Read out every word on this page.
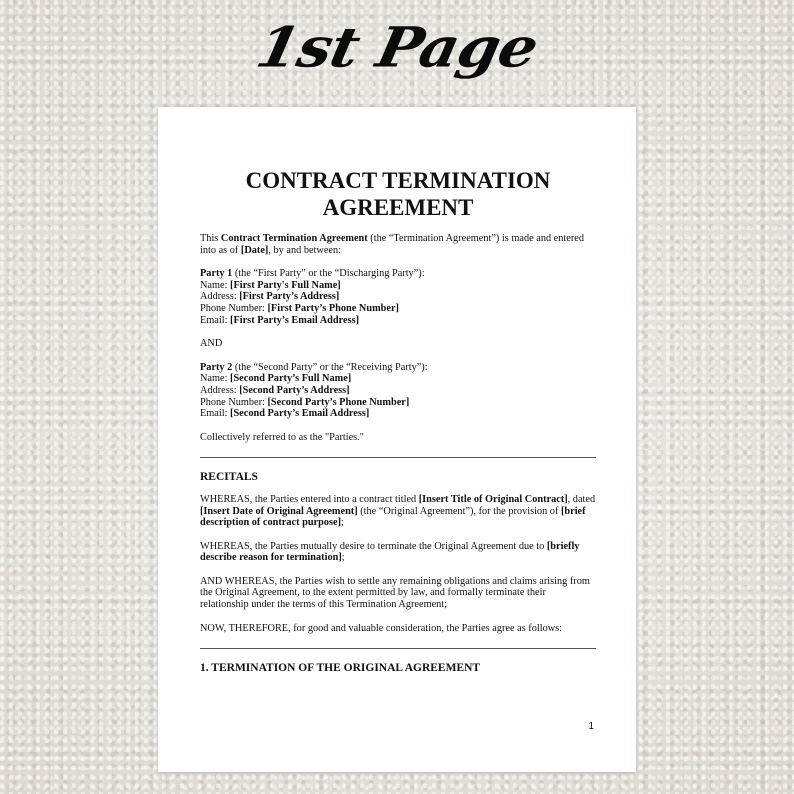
1st Page
CONTRACT TERMINATION
AGREEMENT

This Contract Termination Agreement (the “Termination Agreement”) is made and entered into as of [Date], by and between:

Party 1 (the “First Party” or the “Discharging Party”):
Name: [First Party's Full Name]
Address: [First Party’s Address]
Phone Number: [First Party’s Phone Number]
Email: [First Party’s Email Address]

AND

Party 2 (the “Second Party” or the “Receiving Party”):
Name: [Second Party’s Full Name]
Address: [Second Party’s Address]
Phone Number: [Second Party’s Phone Number]
Email: [Second Party’s Email Address]

Collectively referred to as the "Parties."

RECITALS

WHEREAS, the Parties entered into a contract titled [Insert Title of Original Contract], dated [Insert Date of Original Agreement] (the “Original Agreement”), for the provision of [brief description of contract purpose];

WHEREAS, the Parties mutually desire to terminate the Original Agreement due to [briefly describe reason for termination];

AND WHEREAS, the Parties wish to settle any remaining obligations and claims arising from the Original Agreement, to the extent permitted by law, and formally terminate their relationship under the terms of this Termination Agreement;

NOW, THEREFORE, for good and valuable consideration, the Parties agree as follows:

1. TERMINATION OF THE ORIGINAL AGREEMENT

1
